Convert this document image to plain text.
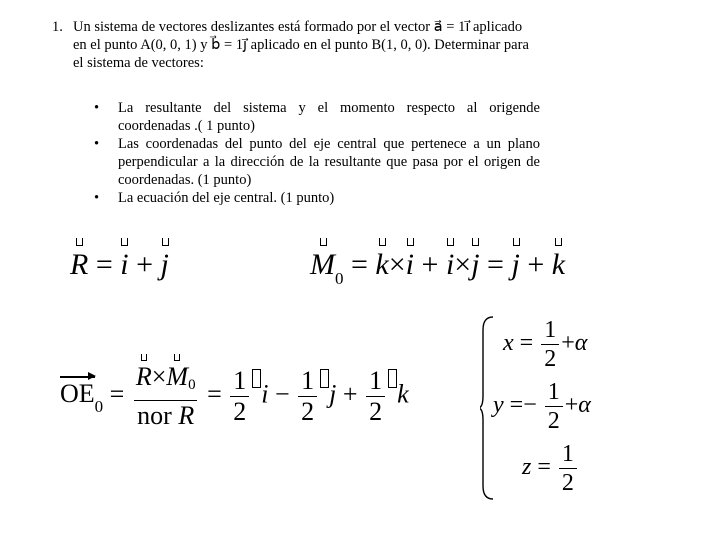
1. Un sistema de vectores deslizantes está formado por el vector a⃗ = 1i⃗ aplicado

en el punto A(0, 0, 1) y b⃗ = 1j⃗ aplicado en el punto B(1, 0, 0). Determinar para

el sistema de vectores:

• La resultante del sistema y el momento respecto al origende coordenadas .( 1 punto)
• Las coordenadas del punto del eje central que pertenece a un plano perpendicular a la dirección de la resultante que pasa por el origen de coordenadas. (1 punto)
• La ecuación del eje central. (1 punto)
R = i + j	$M_0 = k\times$
i + i×
j = j + k
$OE_0 = R\times$
$M_0$
nor $R = \frac{1}{2}$ $i - \frac{1}{2}$ $j + \frac{1}{2}$ k
$x = \frac{1}{2} +\alpha$
$y =- \frac{1}{2} +\alpha$
$z = \frac{1}{2}$
